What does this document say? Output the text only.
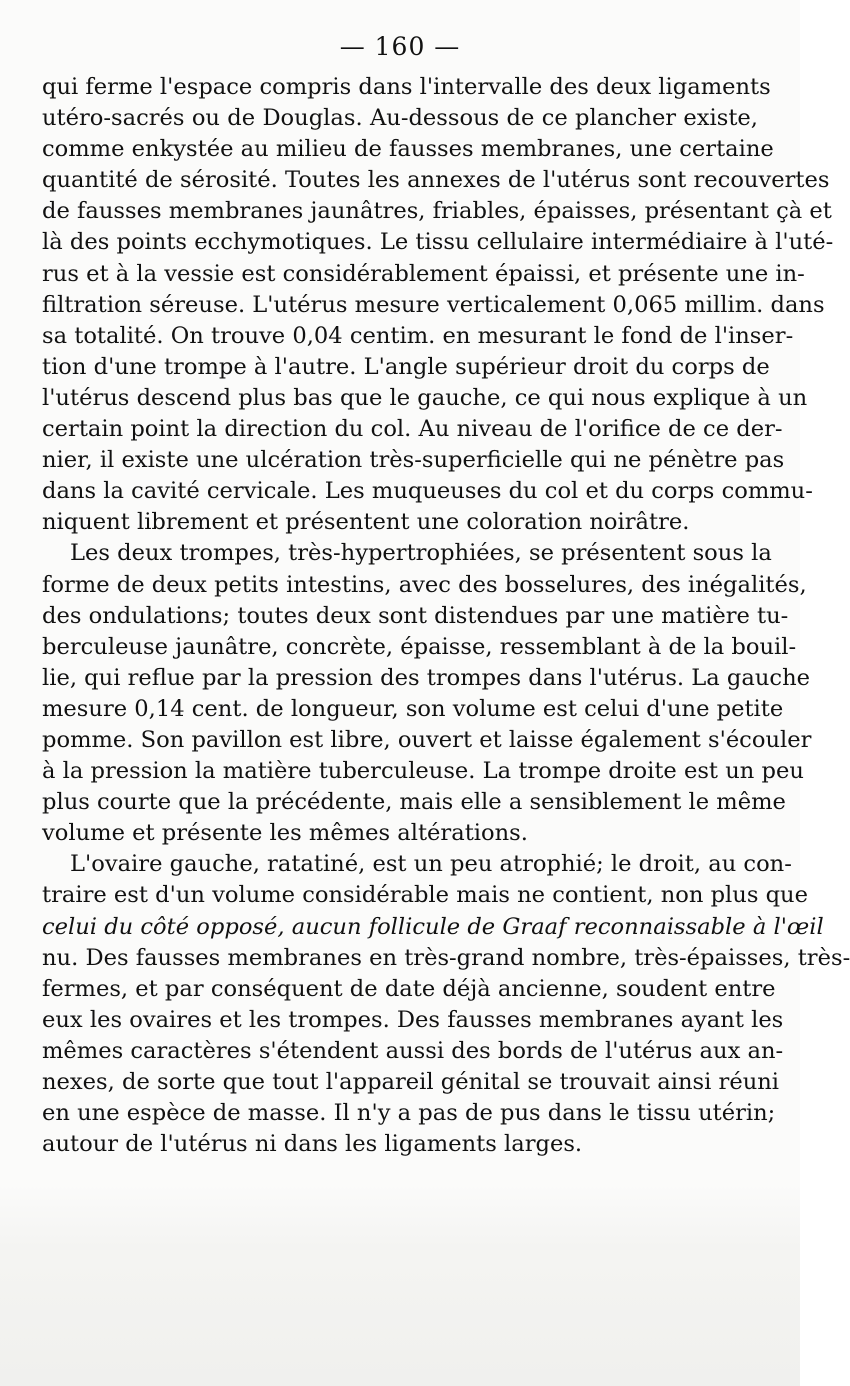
— 160 —

qui ferme l'espace compris dans l'intervalle des deux ligaments
utéro-sacrés ou de Douglas. Au-dessous de ce plancher existe,
comme enkystée au milieu de fausses membranes, une certaine
quantité de sérosité. Toutes les annexes de l'utérus sont recouvertes
de fausses membranes jaunâtres, friables, épaisses, présentant çà et
là des points ecchymotiques. Le tissu cellulaire intermédiaire à l'uté-
rus et à la vessie est considérablement épaissi, et présente une in-
filtration séreuse. L'utérus mesure verticalement 0,065 millim. dans
sa totalité. On trouve 0,04 centim. en mesurant le fond de l'inser-
tion d'une trompe à l'autre. L'angle supérieur droit du corps de
l'utérus descend plus bas que le gauche, ce qui nous explique à un
certain point la direction du col. Au niveau de l'orifice de ce der-
nier, il existe une ulcération très-superficielle qui ne pénètre pas
dans la cavité cervicale. Les muqueuses du col et du corps commu-
niquent librement et présentent une coloration noirâtre.

Les deux trompes, très-hypertrophiées, se présentent sous la
forme de deux petits intestins, avec des bosselures, des inégalités,
des ondulations; toutes deux sont distendues par une matière tu-
berculeuse jaunâtre, concrète, épaisse, ressemblant à de la bouil-
lie, qui reflue par la pression des trompes dans l'utérus. La gauche
mesure 0,14 cent. de longueur, son volume est celui d'une petite
pomme. Son pavillon est libre, ouvert et laisse également s'écouler
à la pression la matière tuberculeuse. La trompe droite est un peu
plus courte que la précédente, mais elle a sensiblement le même
volume et présente les mêmes altérations.

L'ovaire gauche, ratatiné, est un peu atrophié; le droit, au con-
traire est d'un volume considérable mais ne contient, non plus que
celui du côté opposé, aucun follicule de Graaf reconnaissable à l'œil
nu. Des fausses membranes en très-grand nombre, très-épaisses, très-
fermes, et par conséquent de date déjà ancienne, soudent entre
eux les ovaires et les trompes. Des fausses membranes ayant les
mêmes caractères s'étendent aussi des bords de l'utérus aux an-
nexes, de sorte que tout l'appareil génital se trouvait ainsi réuni
en une espèce de masse. Il n'y a pas de pus dans le tissu utérin;
autour de l'utérus ni dans les ligaments larges.
